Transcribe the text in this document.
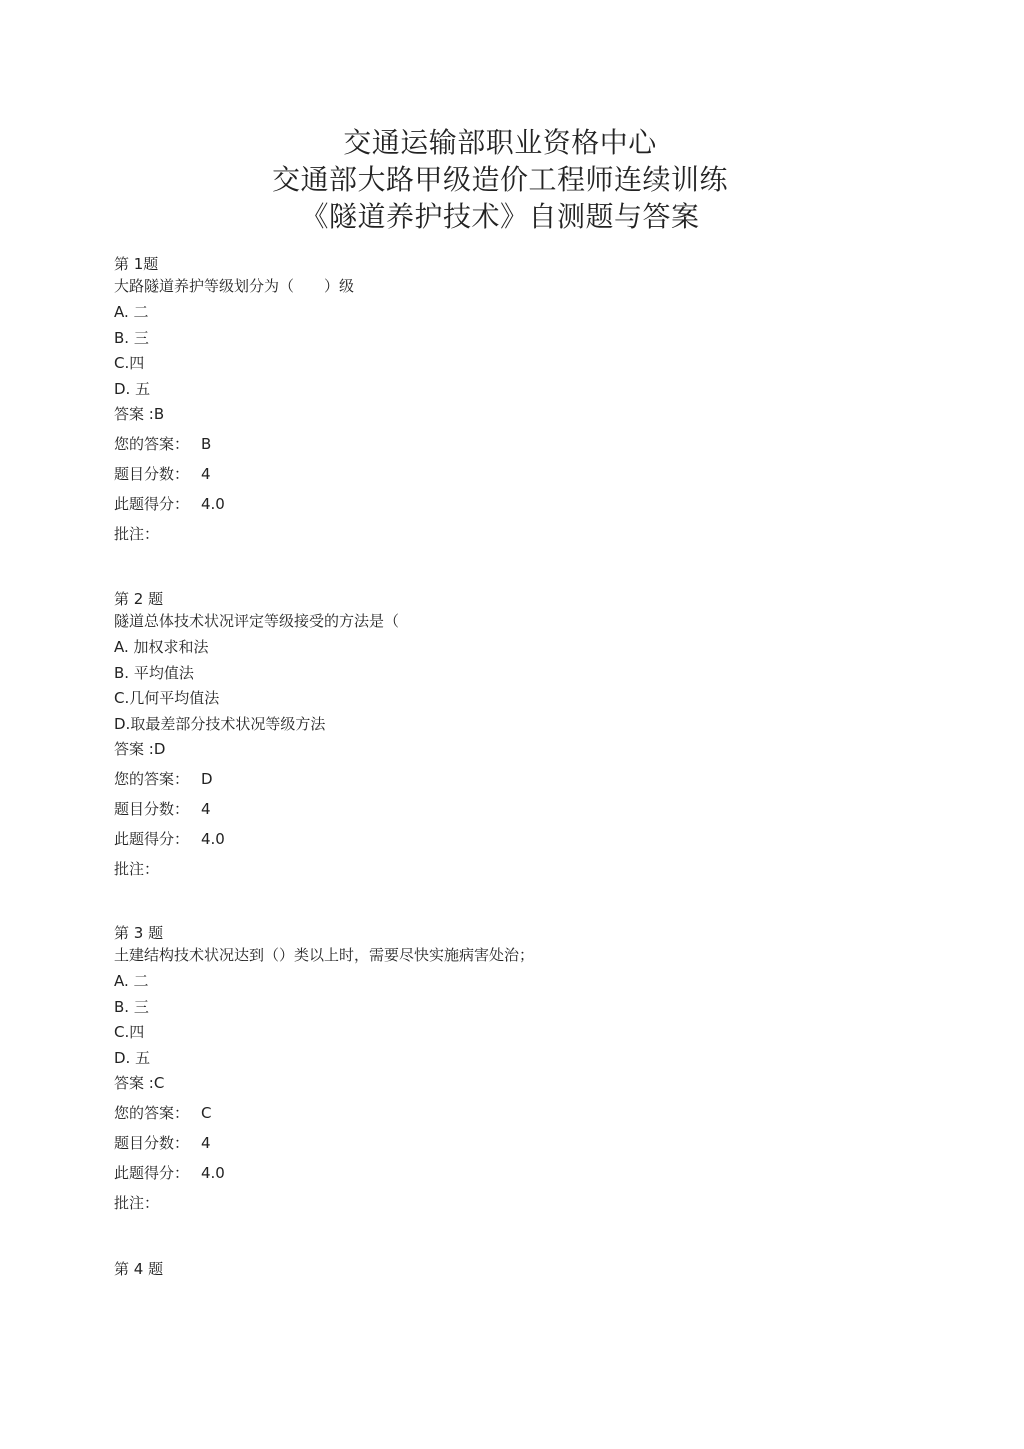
交通运输部职业资格中心
交通部大路甲级造价工程师连续训练
《隧道养护技术》自测题与答案
第 1题
大路隧道养护等级划分为（　　）级
A. 二
B. 三
C.四
D. 五
答案 :B
您的答案： B
题目分数： 4
此题得分： 4.0
批注：
第 2 题
隧道总体技术状况评定等级接受的方法是（
A. 加权求和法
B. 平均值法
C.几何平均值法
D.取最差部分技术状况等级方法
答案 :D
您的答案： D
题目分数： 4
此题得分： 4.0
批注：
第 3 题
土建结构技术状况达到（）类以上时，需要尽快实施病害处治；
A. 二
B. 三
C.四
D. 五
答案 :C
您的答案： C
题目分数： 4
此题得分： 4.0
批注：
第 4 题
